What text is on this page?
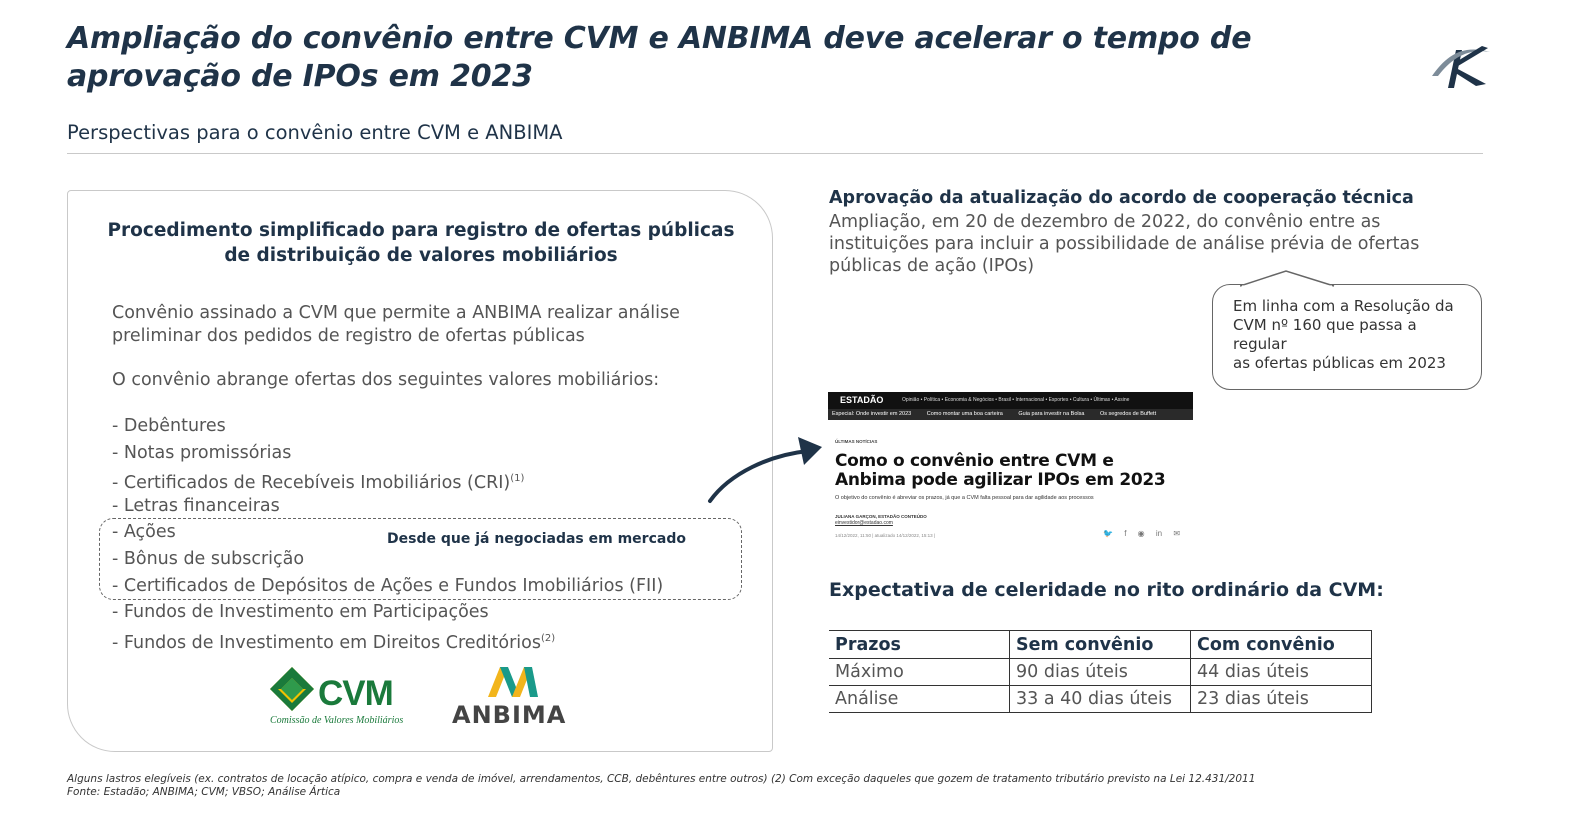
Ampliação do convênio entre CVM e ANBIMA deve acelerar o tempo de
aprovação de IPOs em 2023
Perspectivas para o convênio entre CVM e ANBIMA
Procedimento simplificado para registro de ofertas públicas
de distribuição de valores mobiliários

Convênio assinado a CVM que permite a ANBIMA realizar análise preliminar dos pedidos de registro de ofertas públicas

O convênio abrange ofertas dos seguintes valores mobiliários:

- Debêntures
- Notas promissórias
- Certificados de Recebíveis Imobiliários (CRI)$^{(1)}$
- Letras financeiras
- Ações
- Bônus de subscrição
- Certificados de Depósitos de Ações e Fundos Imobiliários (FII)
- Fundos de Investimento em Participações
- Fundos de Investimento em Direitos Creditórios$^{(2)}$
Desde que já negociadas em mercado
CVM
Comissão de Valores Mobiliários ANBIMA
Aprovação da atualização do acordo de cooperação técnica

Ampliação, em 20 de dezembro de 2022, do convênio entre as instituições para incluir a possibilidade de análise prévia de ofertas públicas de ação (IPOs)

Em linha com a Resolução da
CVM nº 160 que passa a
regular
as ofertas públicas em 2023
ESTADÃO	Opinião • Política • Economia & Negócios • Brasil • Internacional • Esportes • Cultura • Últimas • Assine
Especial: Onde investir em 2023	Como montar uma boa carteira	Guia para investir na Bolsa	Os segredos de Buffett
ÚLTIMAS NOTÍCIAS
Como o convênio entre CVM e
Anbima pode agilizar IPOs em 2023
O objetivo do convênio é abreviar os prazos, já que a CVM falta pessoal para dar agilidade aos processos
JULIANA GARÇON, ESTADÃO CONTEÚDO
einvestidor@estadao.com
14/12/2022, 11:50 | atualizado 14/12/2022, 15:13 |	🐦 f ◉ in ✉
Expectativa de celeridade no rito ordinário da CVM:
Prazos	Sem convênio	Com convênio
Máximo	90 dias úteis	44 dias úteis
Análise	33 a 40 dias úteis	23 dias úteis

Alguns lastros elegíveis (ex. contratos de locação atípico, compra e venda de imóvel, arrendamentos, CCB, debêntures entre outros) (2) Com exceção daqueles que gozem de tratamento tributário previsto na Lei 12.431/2011

Fonte: Estadão; ANBIMA; CVM; VBSO; Análise Ártica
